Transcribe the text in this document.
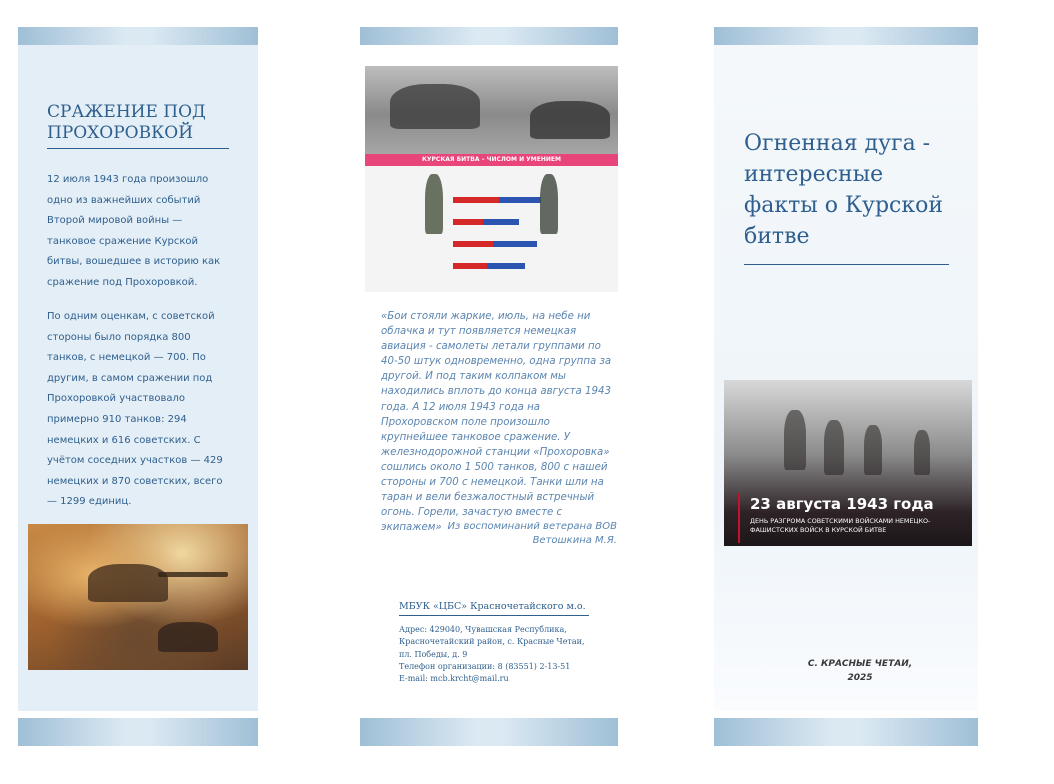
СРАЖЕНИЕ ПОД ПРОХОРОВКОЙ
12 июля 1943 года произошло одно из важнейших событий Второй мировой войны — танковое сражение Курской битвы, вошедшее в историю как сражение под Прохоровкой.
По одним оценкам, с советской стороны было порядка 800 танков, с немецкой — 700. По другим, в самом сражении под Прохоровкой участвовало примерно 910 танков: 294 немецких и 616 советских. С учётом соседних участков — 429 немецких и 870 советских, всего — 1299 единиц.
КУРСКАЯ БИТВА – ЧИСЛОМ И УМЕНИЕМ
«Бои стояли жаркие, июль, на небе ни облачка и тут появляется немецкая авиация - самолеты летали группами по 40-50 штук одновременно, одна группа за другой. И под таким колпаком мы находились вплоть до конца августа 1943 года. А 12 июля 1943 года на Прохоровском поле произошло крупнейшее танковое сражение. У железнодорожной станции «Прохоровка» сошлись около 1 500 танков, 800 с нашей стороны и 700 с немецкой. Танки шли на таран и вели безжалостный встречный огонь. Горели, зачастую вместе с экипажем» Из воспоминаний ветерана ВОВ
Ветошкина М.Я.
МБУК «ЦБС» Красночетайского м.о.
Адрес: 429040, Чувашская Республика,
Красночетайский район, с. Красные Четаи,
пл. Победы, д. 9
Телефон организации: 8 (83551) 2-13-51
E-mail: mcb.krcht@mail.ru
Огненная дуга - интересные факты о Курской битве
23 августа 1943 года
ДЕНЬ РАЗГРОМА СОВЕТСКИМИ ВОЙСКАМИ НЕМЕЦКО-ФАШИСТСКИХ ВОЙСК В КУРСКОЙ БИТВЕ
С. КРАСНЫЕ ЧЕТАИ,
2025
